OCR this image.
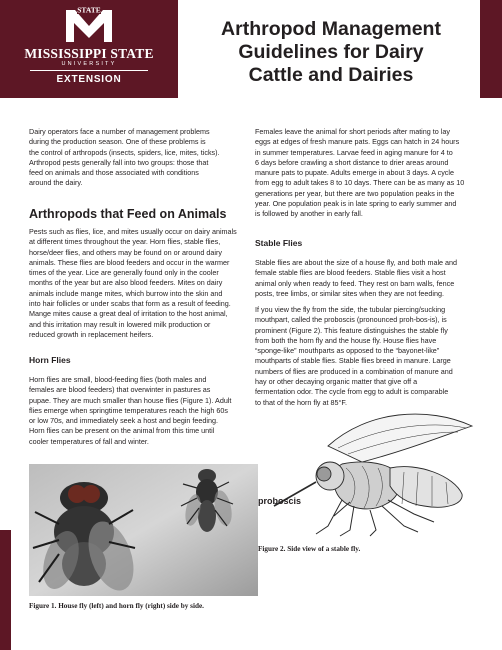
STATE
MISSISSIPPI STATE
UNIVERSITY
EXTENSION
Arthropod Management
Guidelines for Dairy
Cattle and Dairies

Dairy operators face a number of management problems
during the production season. One of these problems is
the control of arthropods (insects, spiders, lice, mites, ticks).
Arthropod pests generally fall into two groups: those that
feed on animals and those associated with conditions
around the dairy.

Arthropods that Feed on Animals

Pests such as flies, lice, and mites usually occur on dairy animals
at different times throughout the year. Horn flies, stable flies,
horse/deer flies, and others may be found on or around dairy
animals. These flies are blood feeders and occur in the warmer
times of the year. Lice are generally found only in the cooler
months of the year but are also blood feeders. Mites on dairy
animals include mange mites, which burrow into the skin and
into hair follicles or under scabs that form as a result of feeding.
Mange mites cause a great deal of irritation to the host animal,
and this irritation may result in lowered milk production or
reduced growth in replacement heifers.

Horn Flies

Horn flies are small, blood-feeding flies (both males and
females are blood feeders) that overwinter in pastures as
pupae. They are much smaller than house flies (Figure 1). Adult
flies emerge when springtime temperatures reach the high 60s
or low 70s, and immediately seek a host and begin feeding.
Horn flies can be present on the animal from this time until
cooler temperatures of fall and winter.

Figure 1. House fly (left) and horn fly (right) side by side.

Females leave the animal for short periods after mating to lay
eggs at edges of fresh manure pats. Eggs can hatch in 24 hours
in summer temperatures. Larvae feed in aging manure for 4 to
6 days before crawling a short distance to drier areas around
manure pats to pupate. Adults emerge in about 3 days. A cycle
from egg to adult takes 8 to 10 days. There can be as many as 10
generations per year, but there are two population peaks in the
year. One population peak is in late spring to early summer and
is followed by another in early fall.

Stable Flies

Stable flies are about the size of a house fly, and both male and
female stable flies are blood feeders. Stable flies visit a host
animal only when ready to feed. They rest on barn walls, fence
posts, tree limbs, or similar sites when they are not feeding.

If you view the fly from the side, the tubular piercing/sucking
mouthpart, called the proboscis (pronounced proh-bos-is), is
prominent (Figure 2). This feature distinguishes the stable fly
from both the horn fly and the house fly. House flies have
“sponge-like” mouthparts as opposed to the “bayonet-like”
mouthparts of stable flies. Stable flies breed in manure. Large
numbers of flies are produced in a combination of manure and
hay or other decaying organic matter that give off a
fermentation odor. The cycle from egg to adult is comparable
to that of the horn fly at 85°F.

proboscis
Figure 2. Side view of a stable fly.
